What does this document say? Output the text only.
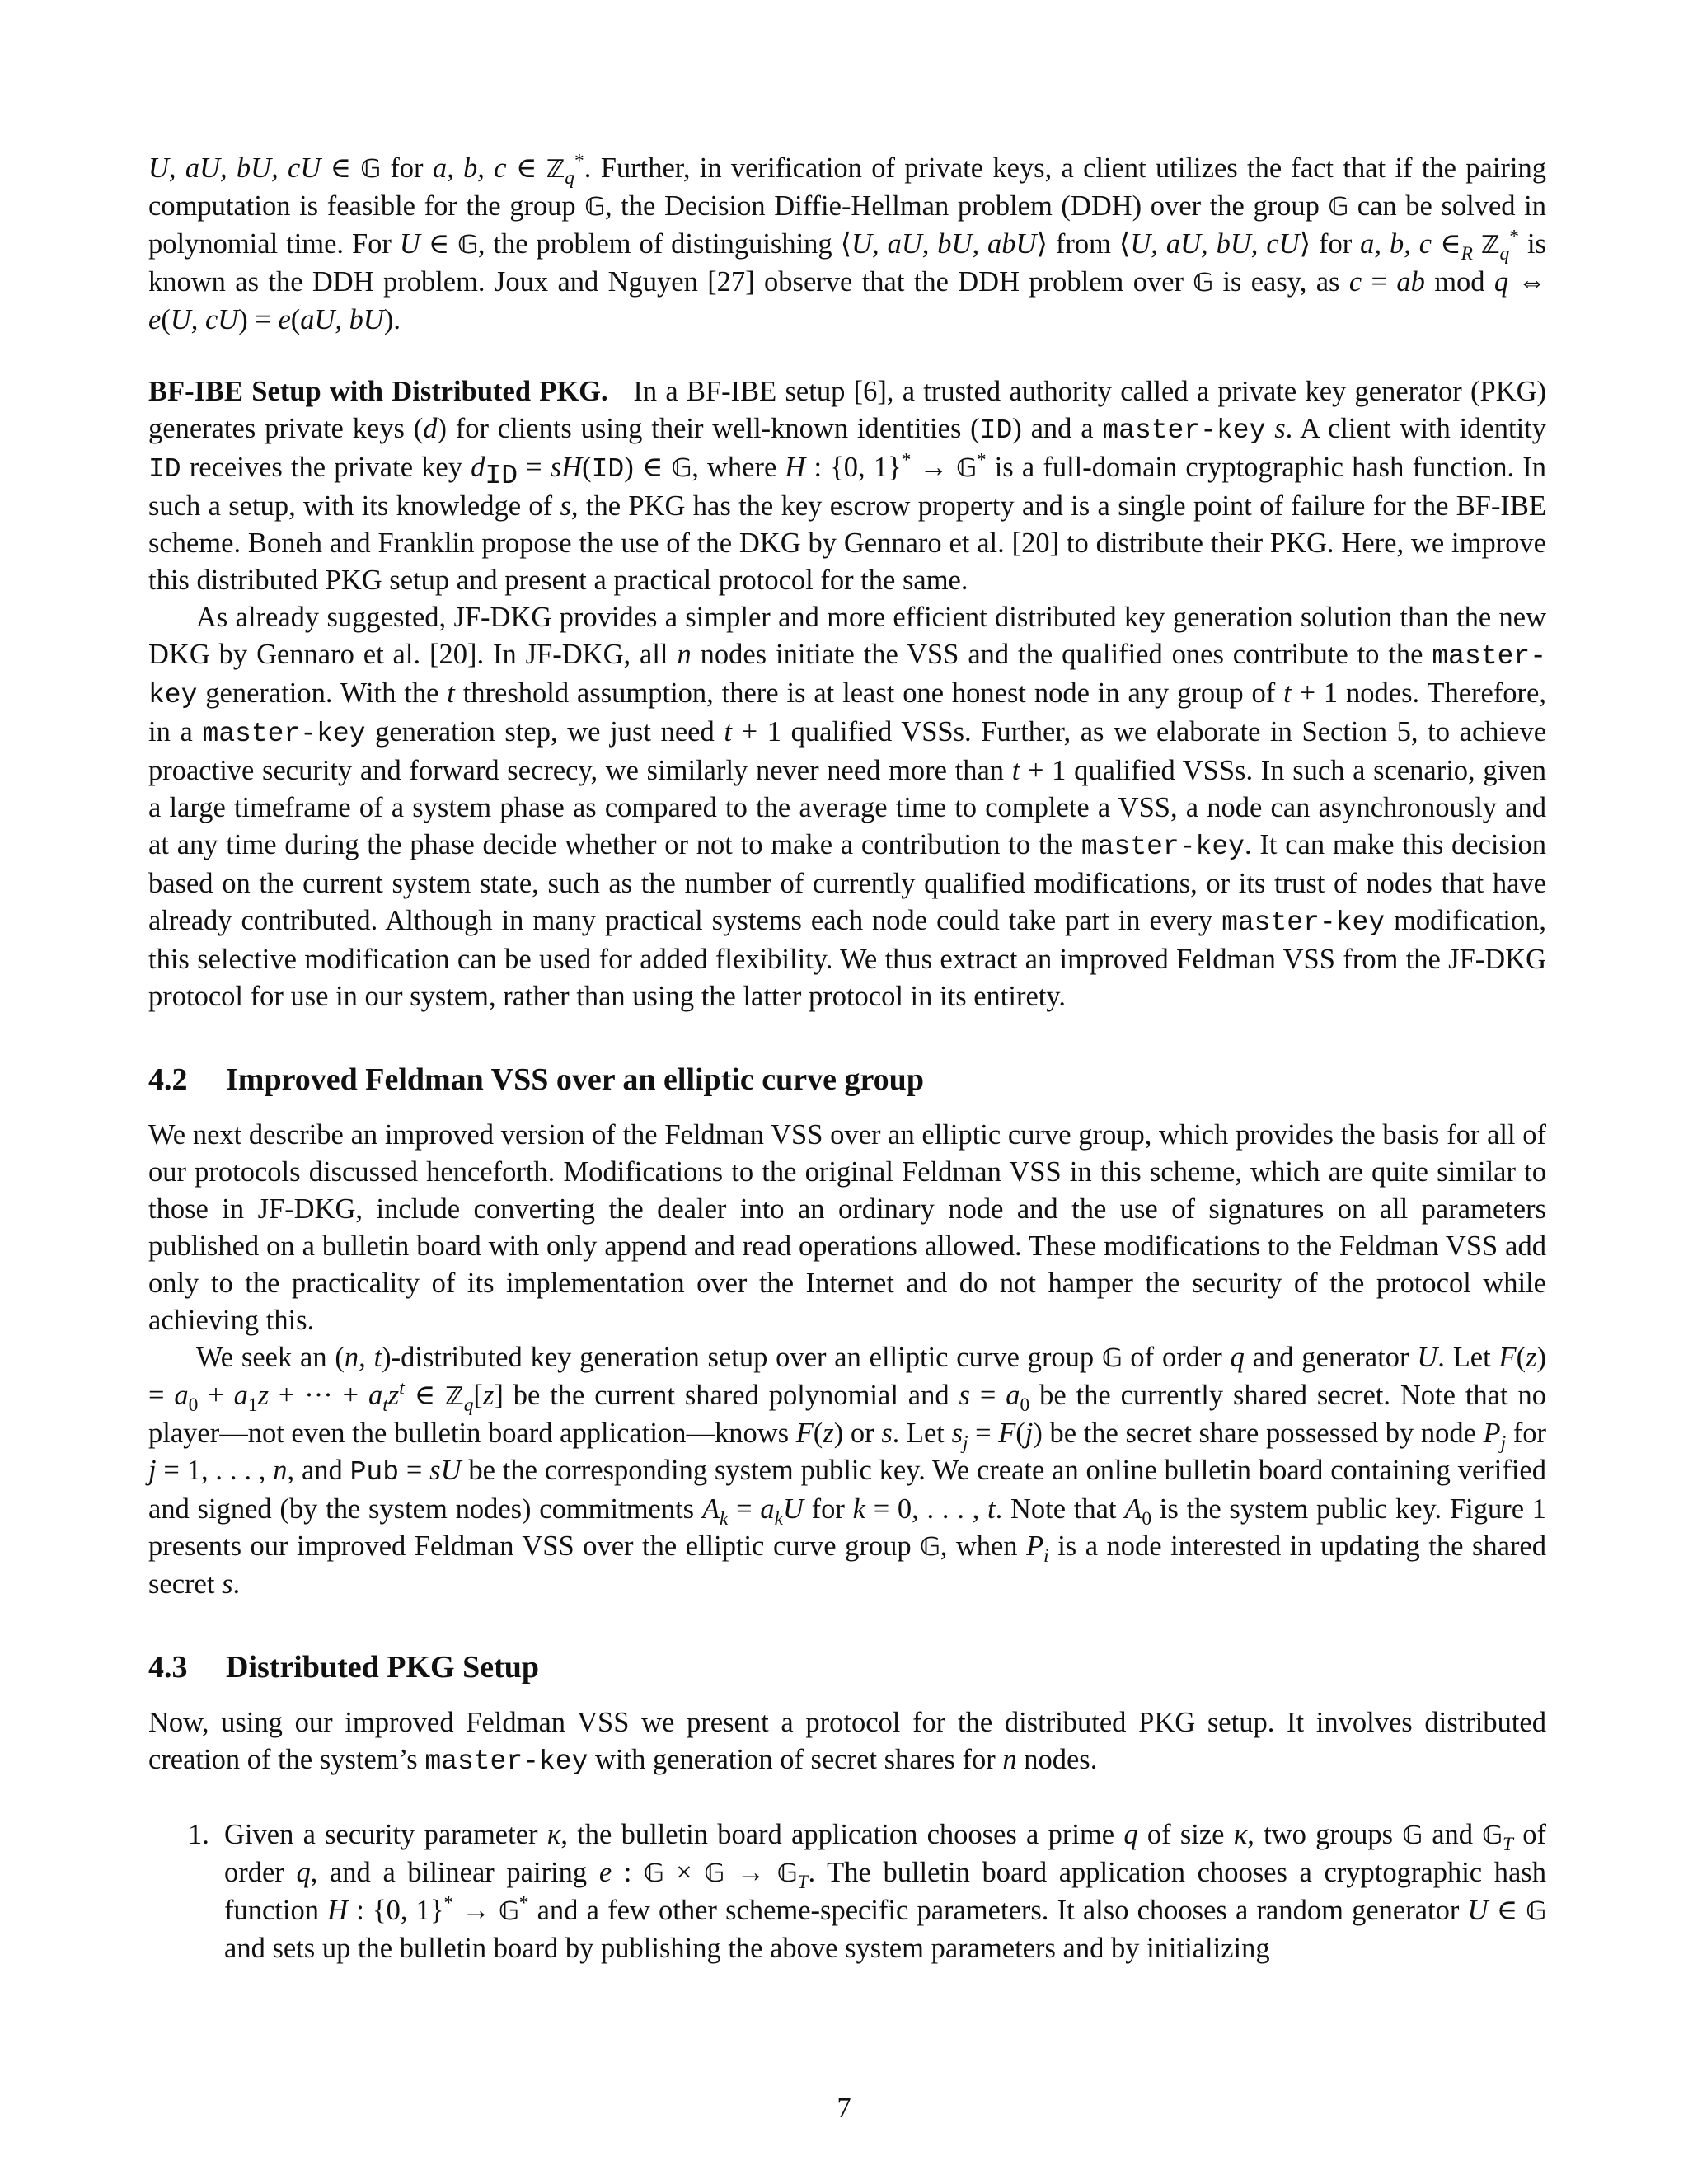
U, aU, bU, cU ∈ 𝔾 for a, b, c ∈ ℤ$_q$*. Further, in verification of private keys, a client utilizes the fact that if the pairing computation is feasible for the group 𝔾, the Decision Diffie-Hellman problem (DDH) over the group 𝔾 can be solved in polynomial time. For U ∈ 𝔾, the problem of distinguishing ⟨U, aU, bU, abU⟩ from ⟨U, aU, bU, cU⟩ for a, b, c $\in_R$ ℤ$_q$* is known as the DDH problem. Joux and Nguyen [27] observe that the DDH problem over 𝔾 is easy, as c = ab mod q ⇔ e(U, cU) = e(aU, bU).

BF-IBE Setup with Distributed PKG. In a BF-IBE setup [6], a trusted authority called a private key generator (PKG) generates private keys (d) for clients using their well-known identities (ID) and a master-key s. A client with identity ID receives the private key $d_{ID} = sH(ID)$ ∈ 𝔾, where H : {0, 1}* → 𝔾* is a full-domain cryptographic hash function. In such a setup, with its knowledge of s, the PKG has the key escrow property and is a single point of failure for the BF-IBE scheme. Boneh and Franklin propose the use of the DKG by Gennaro et al. [20] to distribute their PKG. Here, we improve this distributed PKG setup and present a practical protocol for the same.

As already suggested, JF-DKG provides a simpler and more efficient distributed key generation solution than the new DKG by Gennaro et al. [20]. In JF-DKG, all n nodes initiate the VSS and the qualified ones contribute to the master-key generation. With the t threshold assumption, there is at least one honest node in any group of t + 1 nodes. Therefore, in a master-key generation step, we just need t + 1 qualified VSSs. Further, as we elaborate in Section 5, to achieve proactive security and forward secrecy, we similarly never need more than t + 1 qualified VSSs. In such a scenario, given a large timeframe of a system phase as compared to the average time to complete a VSS, a node can asynchronously and at any time during the phase decide whether or not to make a contribution to the master-key. It can make this decision based on the current system state, such as the number of currently qualified modifications, or its trust of nodes that have already contributed. Although in many practical systems each node could take part in every master-key modification, this selective modification can be used for added flexibility. We thus extract an improved Feldman VSS from the JF-DKG protocol for use in our system, rather than using the latter protocol in its entirety.

4.2 Improved Feldman VSS over an elliptic curve group

We next describe an improved version of the Feldman VSS over an elliptic curve group, which provides the basis for all of our protocols discussed henceforth. Modifications to the original Feldman VSS in this scheme, which are quite similar to those in JF-DKG, include converting the dealer into an ordinary node and the use of signatures on all parameters published on a bulletin board with only append and read operations allowed. These modifications to the Feldman VSS add only to the practicality of its implementation over the Internet and do not hamper the security of the protocol while achieving this.

We seek an (n, t)-distributed key generation setup over an elliptic curve group 𝔾 of order q and generator U. Let $F(z) = a_0 + a_1z$ + ··· + $a_tz^t$ ∈ ℤ$_q$[z] be the current shared polynomial and $s = a_0$ be the currently shared secret. Note that no player—not even the bulletin board application—knows F(z) or s. Let $s_j = F(j)$ be the secret share possessed by node $P_j$ for j = 1, . . . , n, and Pub = sU be the corresponding system public key. We create an online bulletin board containing verified and signed (by the system nodes) commitments $A_k = a_kU$ for k = 0, . . . , t. Note that $A_0$ is the system public key. Figure 1 presents our improved Feldman VSS over the elliptic curve group 𝔾, when $P_i$ is a node interested in updating the shared secret s.

4.3 Distributed PKG Setup

Now, using our improved Feldman VSS we present a protocol for the distributed PKG setup. It involves distributed creation of the system’s master-key with generation of secret shares for n nodes.

1. Given a security parameter κ, the bulletin board application chooses a prime q of size κ, two groups 𝔾 and 𝔾$_T$ of order q, and a bilinear pairing e : 𝔾 × 𝔾 → 𝔾$_T$. The bulletin board application chooses a cryptographic hash function H : {0, 1}* → 𝔾* and a few other scheme-specific parameters. It also chooses a random generator U ∈ 𝔾 and sets up the bulletin board by publishing the above system parameters and by initializing

7
